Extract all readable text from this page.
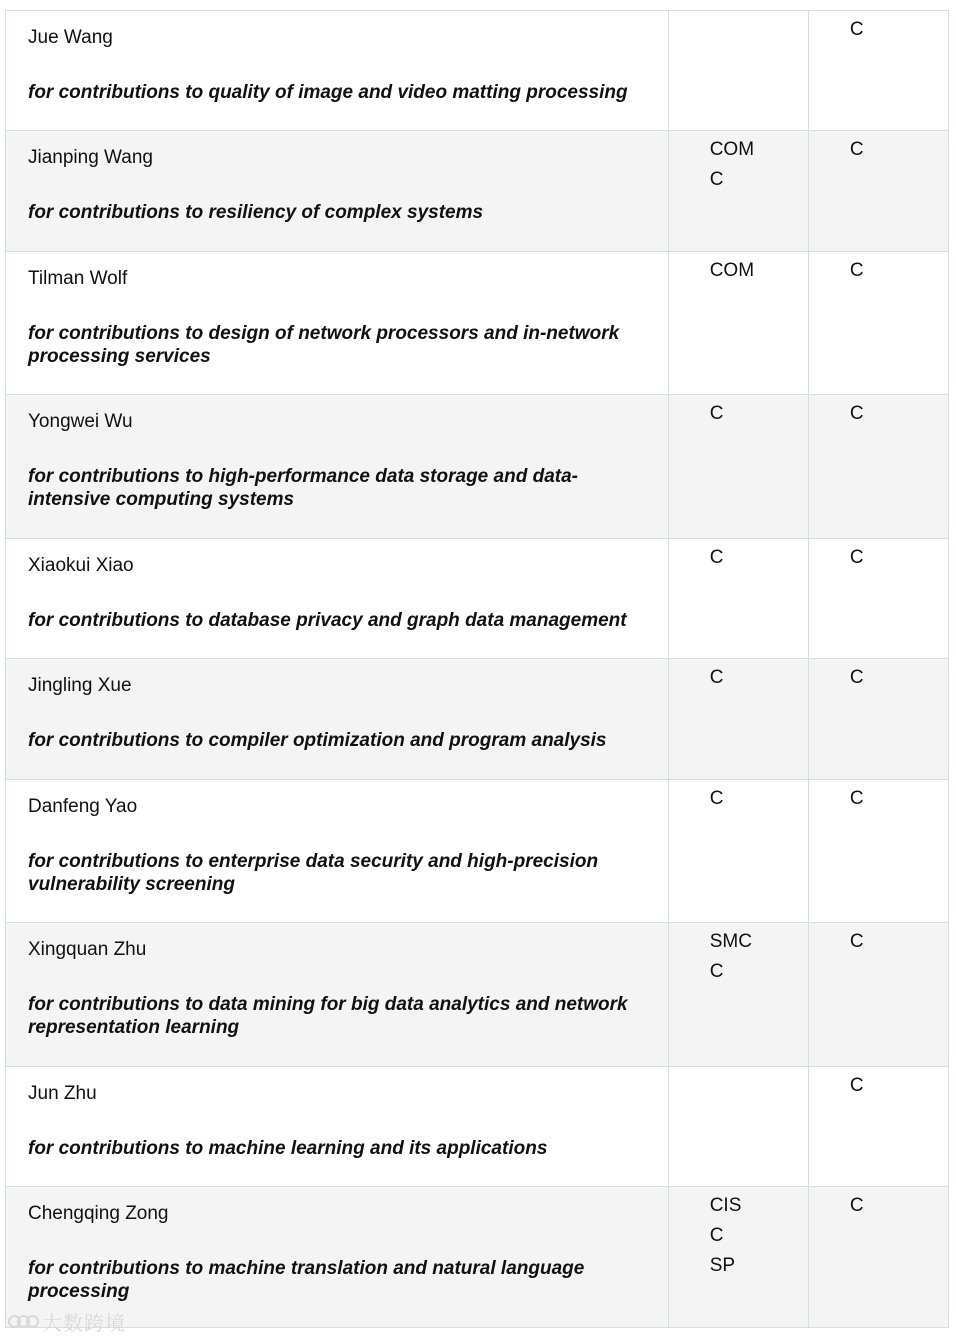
Jue Wang
for contributions to quality of image and video matting processing		C

Jianping Wang
for contributions to resiliency of complex systems	COM
C	C

Tilman Wolf
for contributions to design of network processors and in-network processing services	COM	C

Yongwei Wu
for contributions to high-performance data storage and data-intensive computing systems	C	C

Xiaokui Xiao
for contributions to database privacy and graph data management	C	C

Jingling Xue
for contributions to compiler optimization and program analysis	C	C

Danfeng Yao
for contributions to enterprise data security and high-precision vulnerability screening	C	C

Xingquan Zhu
for contributions to data mining for big data analytics and network representation learning	SMC
C	C

Jun Zhu
for contributions to machine learning and its applications		C

Chengqing Zong
for contributions to machine translation and natural language processing	CIS
C
SP	C
大数跨境
